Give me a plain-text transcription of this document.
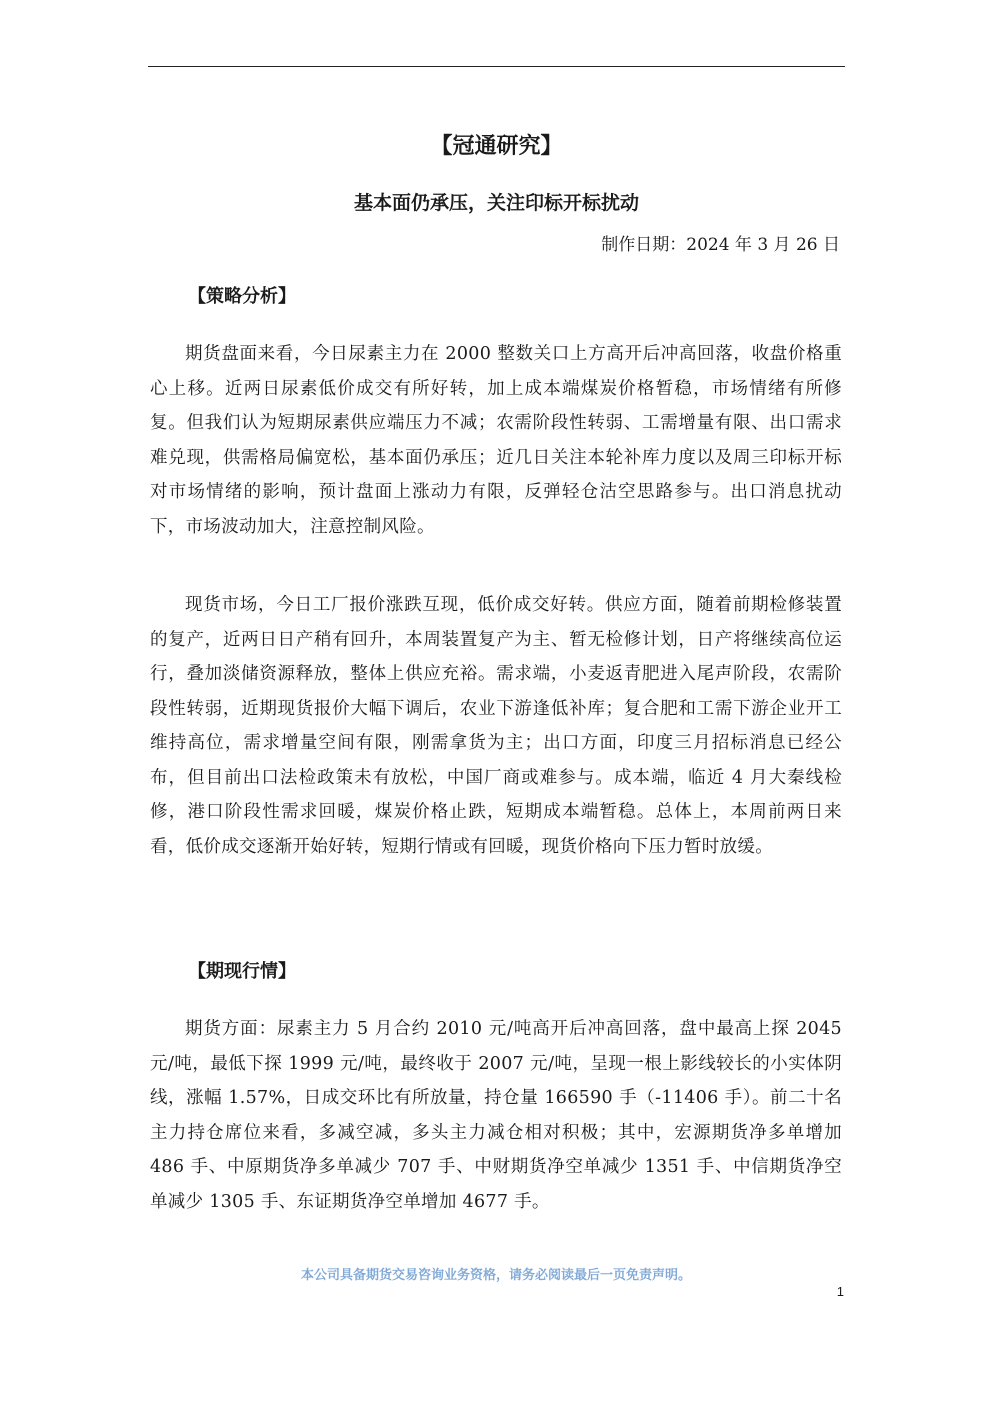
【冠通研究】
基本面仍承压，关注印标开标扰动
制作日期：2024 年 3 月 26 日
【策略分析】

期货盘面来看，今日尿素主力在 2000 整数关口上方高开后冲高回落，收盘价格重心上移。近两日尿素低价成交有所好转，加上成本端煤炭价格暂稳，市场情绪有所修复。但我们认为短期尿素供应端压力不减；农需阶段性转弱、工需增量有限、出口需求难兑现，供需格局偏宽松，基本面仍承压；近几日关注本轮补库力度以及周三印标开标对市场情绪的影响，预计盘面上涨动力有限，反弹轻仓沽空思路参与。出口消息扰动下，市场波动加大，注意控制风险。

现货市场，今日工厂报价涨跌互现，低价成交好转。供应方面，随着前期检修装置的复产，近两日日产稍有回升，本周装置复产为主、暂无检修计划，日产将继续高位运行，叠加淡储资源释放，整体上供应充裕。需求端，小麦返青肥进入尾声阶段，农需阶段性转弱，近期现货报价大幅下调后，农业下游逢低补库；复合肥和工需下游企业开工维持高位，需求增量空间有限，刚需拿货为主；出口方面，印度三月招标消息已经公布，但目前出口法检政策未有放松，中国厂商或难参与。成本端，临近 4 月大秦线检修，港口阶段性需求回暖，煤炭价格止跌，短期成本端暂稳。总体上，本周前两日来看，低价成交逐渐开始好转，短期行情或有回暖，现货价格向下压力暂时放缓。

【期现行情】

期货方面：尿素主力 5 月合约 2010 元/吨高开后冲高回落，盘中最高上探 2045 元/吨，最低下探 1999 元/吨，最终收于 2007 元/吨，呈现一根上影线较长的小实体阴线，涨幅 1.57%，日成交环比有所放量，持仓量 166590 手（-11406 手）。前二十名主力持仓席位来看，多减空减，多头主力减仓相对积极；其中，宏源期货净多单增加 486 手、中原期货净多单减少 707 手、中财期货净空单减少 1351 手、中信期货净空单减少 1305 手、东证期货净空单增加 4677 手。

本公司具备期货交易咨询业务资格，请务必阅读最后一页免责声明。
1
